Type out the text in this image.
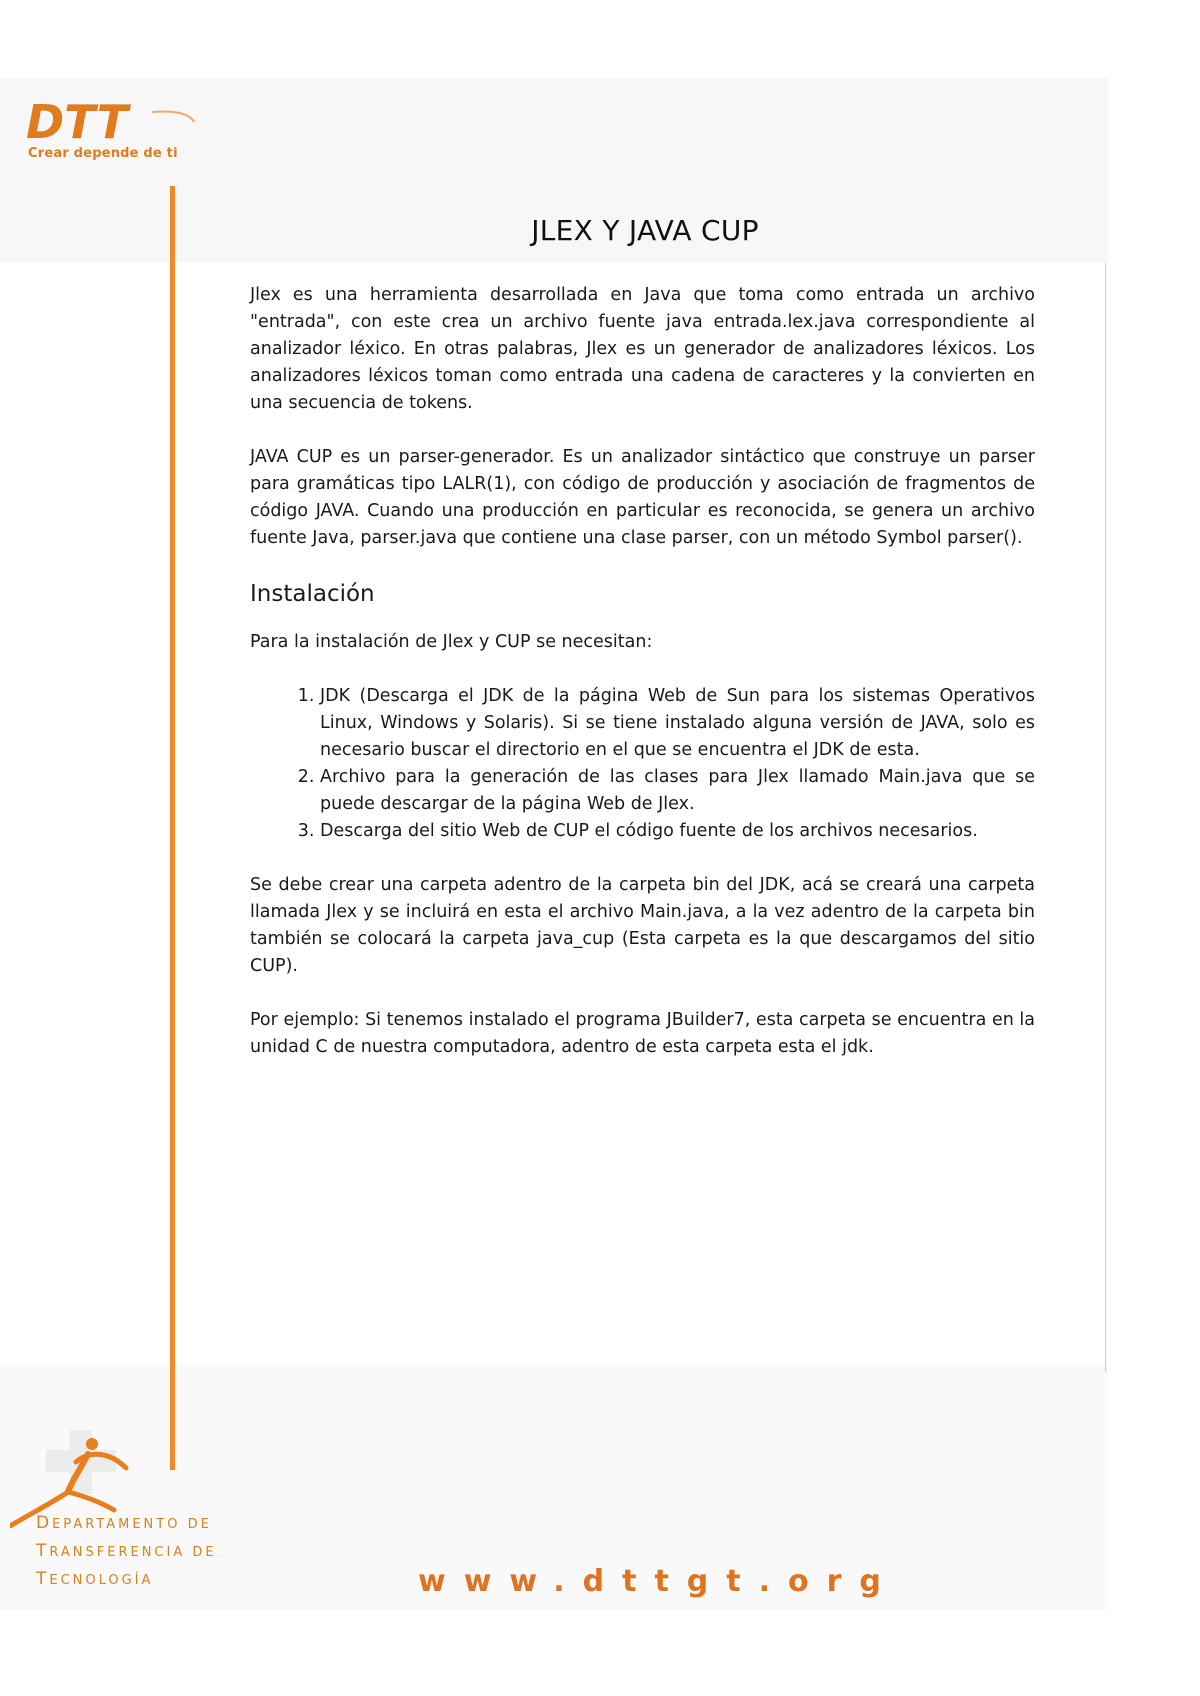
DTT
Crear depende de ti
JLEX Y JAVA CUP

Jlex es una herramienta desarrollada en Java que toma como entrada un archivo "entrada", con este crea un archivo fuente java entrada.lex.java correspondiente al analizador léxico. En otras palabras, Jlex es un generador de analizadores léxicos. Los analizadores léxicos toman como entrada una cadena de caracteres y la convierten en una secuencia de tokens.

JAVA CUP es un parser-generador. Es un analizador sintáctico que construye un parser para gramáticas tipo LALR(1), con código de producción y asociación de fragmentos de código JAVA. Cuando una producción en particular es reconocida, se genera un archivo fuente Java, parser.java que contiene una clase parser, con un método Symbol parser().

Instalación

Para la instalación de Jlex y CUP se necesitan:

1. JDK (Descarga el JDK de la página Web de Sun para los sistemas Operativos Linux, Windows y Solaris). Si se tiene instalado alguna versión de JAVA, solo es necesario buscar el directorio en el que se encuentra el JDK de esta.
2. Archivo para la generación de las clases para Jlex llamado Main.java que se puede descargar de la página Web de Jlex.
3. Descarga del sitio Web de CUP el código fuente de los archivos necesarios.

Se debe crear una carpeta adentro de la carpeta bin del JDK, acá se creará una carpeta llamada Jlex y se incluirá en esta el archivo Main.java, a la vez adentro de la carpeta bin también se colocará la carpeta java_cup (Esta carpeta es la que descargamos del sitio CUP).

Por ejemplo: Si tenemos instalado el programa JBuilder7, esta carpeta se encuentra en la unidad C de nuestra computadora, adentro de esta carpeta esta el jdk.

DEPARTAMENTO DE
TRANSFERENCIA DE
TECNOLOGÍA	www.dttgt.org
